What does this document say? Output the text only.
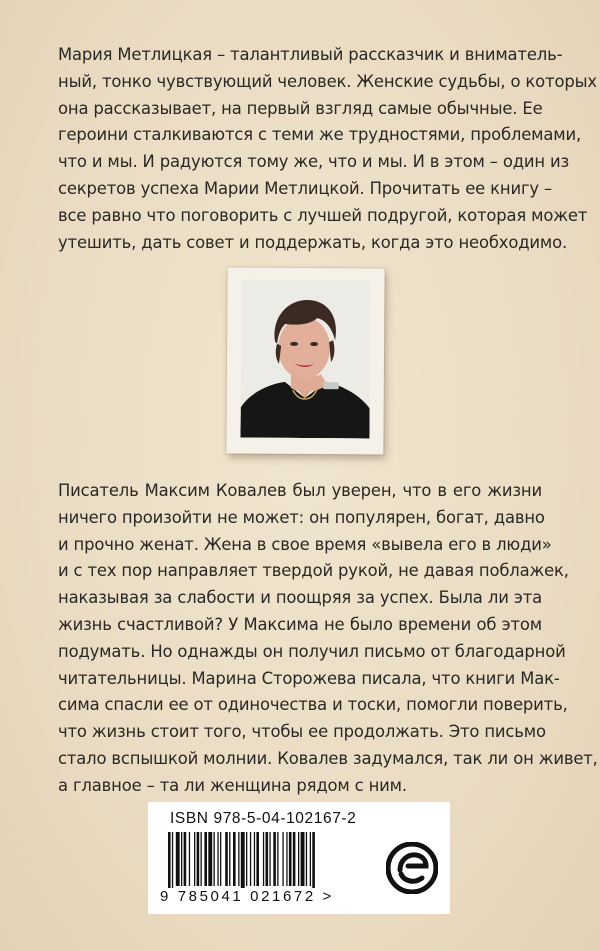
Мария Метлицкая – талантливый рассказчик и вниматель-
ный, тонко чувствующий человек. Женские судьбы, о которых
она рассказывает, на первый взгляд самые обычные. Ее
героини сталкиваются с теми же трудностями, проблемами,
что и мы. И радуются тому же, что и мы. И в этом – один из
секретов успеха Марии Метлицкой. Прочитать ее книгу –
все равно что поговорить с лучшей подругой, которая может
утешить, дать совет и поддержать, когда это необходимо.

Писатель Максим Ковалев был уверен, что в его жизни
ничего произойти не может: он популярен, богат, давно
и прочно женат. Жена в свое время «вывела его в люди»
и с тех пор направляет твердой рукой, не давая поблажек,
наказывая за слабости и поощряя за успех. Была ли эта
жизнь счастливой? У Максима не было времени об этом
подумать. Но однажды он получил письмо от благодарной
читательницы. Марина Сторожева писала, что книги Мак-
сима спасли ее от одиночества и тоски, помогли поверить,
что жизнь стоит того, чтобы ее продолжать. Это письмо
стало вспышкой молнии. Ковалев задумался, так ли он живет,
а главное – та ли женщина рядом с ним.

ISBN 978-5-04-102167-2
9 785041 021672 >
